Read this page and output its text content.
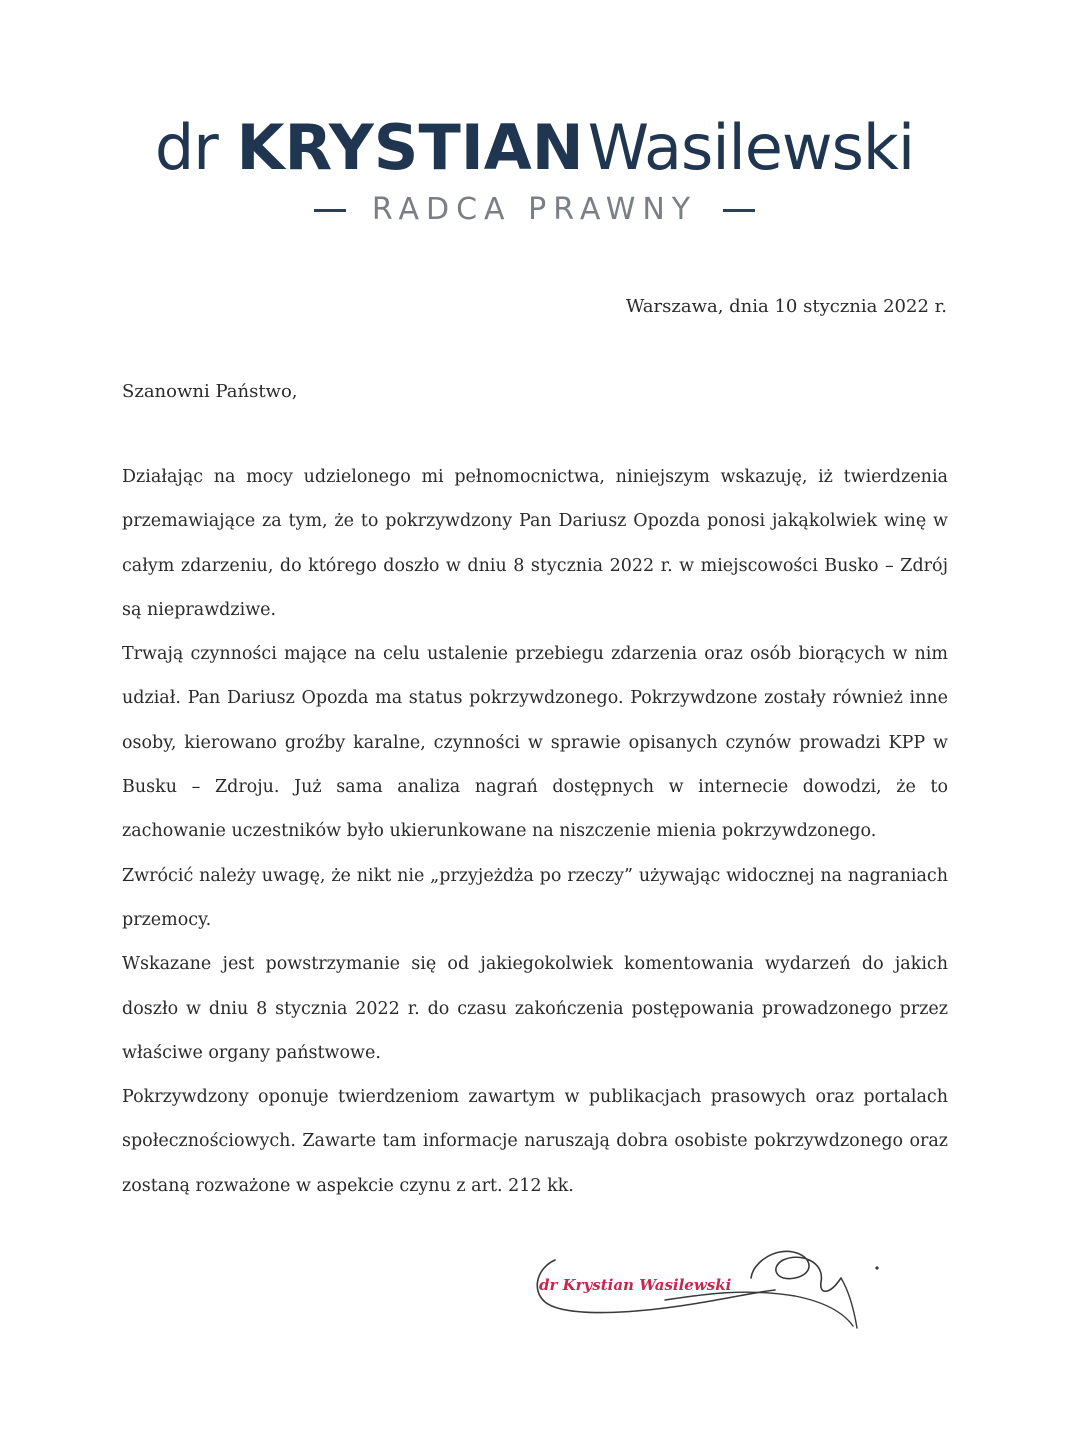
dr KRYSTIANWasilewski
RADCA PRAWNY
Warszawa, dnia 10 stycznia 2022 r.
Szanowni Państwo,

Działając na mocy udzielonego mi pełnomocnictwa, niniejszym wskazuję, iż twierdzenia przemawiające za tym, że to pokrzywdzony Pan Dariusz Opozda ponosi jakąkolwiek winę w całym zdarzeniu, do którego doszło w dniu 8 stycznia 2022 r. w miejscowości Busko – Zdrój są nieprawdziwe.

Trwają czynności mające na celu ustalenie przebiegu zdarzenia oraz osób biorących w nim udział. Pan Dariusz Opozda ma status pokrzywdzonego. Pokrzywdzone zostały również inne osoby, kierowano groźby karalne, czynności w sprawie opisanych czynów prowadzi KPP w Busku – Zdroju. Już sama analiza nagrań dostępnych w internecie dowodzi, że to zachowanie uczestników było ukierunkowane na niszczenie mienia pokrzywdzonego.

Zwrócić należy uwagę, że nikt nie „przyjeżdża po rzeczy” używając widocznej na nagraniach przemocy.

Wskazane jest powstrzymanie się od jakiegokolwiek komentowania wydarzeń do jakich doszło w dniu 8 stycznia 2022 r. do czasu zakończenia postępowania prowadzonego przez właściwe organy państwowe.

Pokrzywdzony oponuje twierdzeniom zawartym w publikacjach prasowych oraz portalach społecznościowych. Zawarte tam informacje naruszają dobra osobiste pokrzywdzonego oraz zostaną rozważone w aspekcie czynu z art. 212 kk.

dr Krystian Wasilewski
